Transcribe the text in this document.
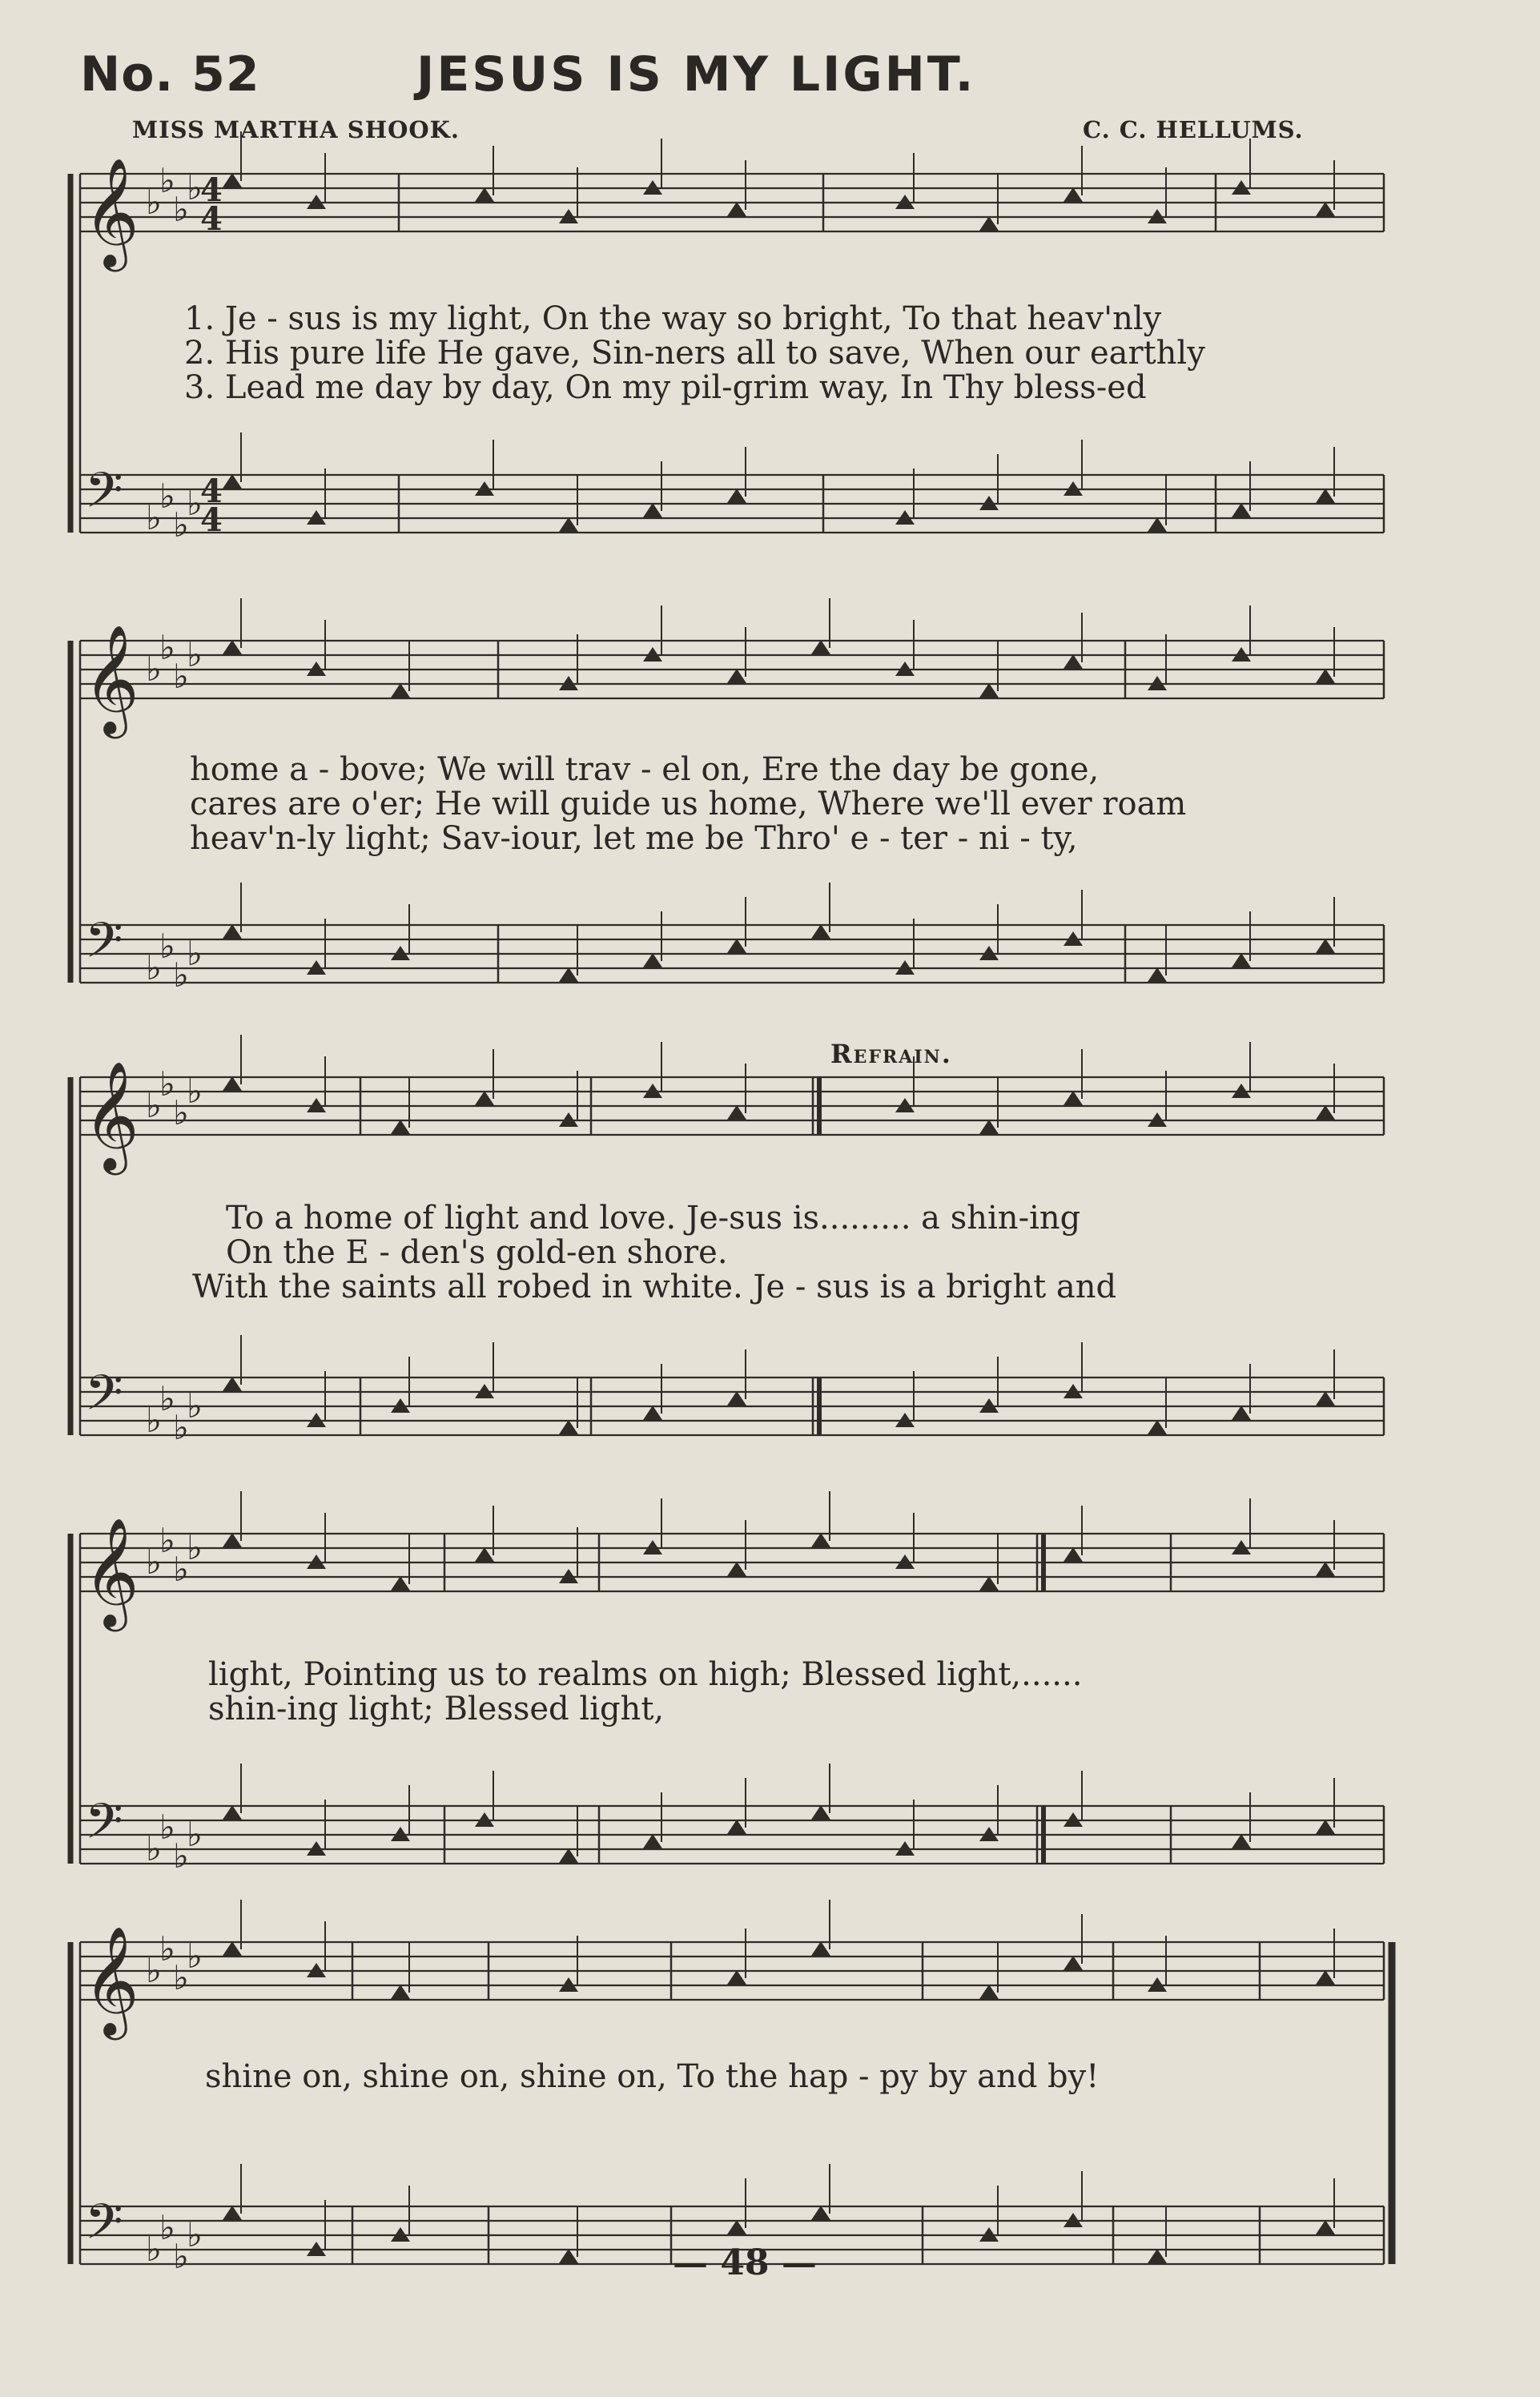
No. 52	JESUS IS MY LIGHT.
MISS MARTHA SHOOK.	C. C. HELLUMS.
𝄞 ♭
♭
♭
♭
𝄢 ♭
♭
♭
♭
𝄞 ♭
♭
♭
♭
𝄢 ♭
♭
♭
♭
𝄞 ♭
♭
♭
♭
𝄢 ♭
♭
♭
♭
𝄞 ♭
♭
♭
♭
𝄢 ♭
♭
♭
♭
𝄞 ♭
♭
♭
♭
𝄢 ♭
♭
♭
♭
4
4
4
4
1. Je - sus is my light, On the way so bright, To that heav'nly
2. His pure life He gave, Sin-ners all to save, When our earthly
3. Lead me day by day, On my pil-grim way, In Thy bless-ed
home a - bove; We will trav - el on, Ere the day be gone,
cares are o'er; He will guide us home, Where we'll ever roam
heav'n-ly light; Sav-iour, let me be Thro' e - ter - ni - ty,
Refrain.
To a home of light and love. Je-sus is......... a shin-ing
On the E - den's gold-en shore.
With the saints all robed in white. Je - sus is a bright and
light, Pointing us to realms on high; Blessed light,......
shin-ing light; Blessed light,
shine on, shine on, shine on, To the hap - py by and by!
— 48 —
